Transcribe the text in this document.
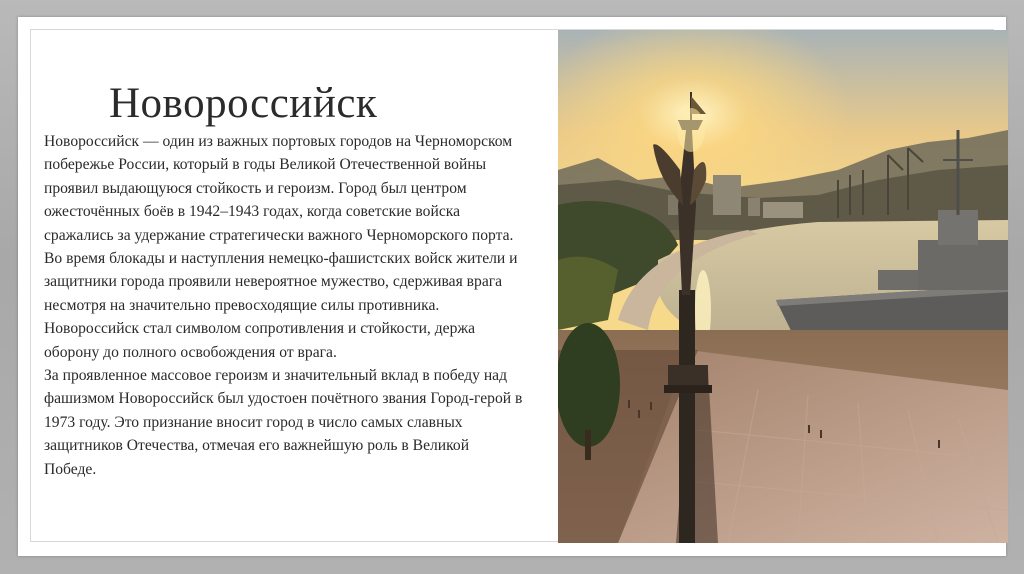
Новороссийск

Новороссийск — один из важных портовых городов на Черноморском побережье России, который в годы Великой Отечественной войны проявил выдающуюся стойкость и героизм. Город был центром ожесточённых боёв в 1942–1943 годах, когда советские войска сражались за удержание стратегически важного Черноморского порта. Во время блокады и наступления немецко-фашистских войск жители и защитники города проявили невероятное мужество, сдерживая врага несмотря на значительно превосходящие силы противника. Новороссийск стал символом сопротивления и стойкости, держа оборону до полного освобождения от врага.

За проявленное массовое героизм и значительный вклад в победу над фашизмом Новороссийск был удостоен почётного звания Город-герой в 1973 году. Это признание вносит город в число самых славных защитников Отечества, отмечая его важнейшую роль в Великой Победе.
